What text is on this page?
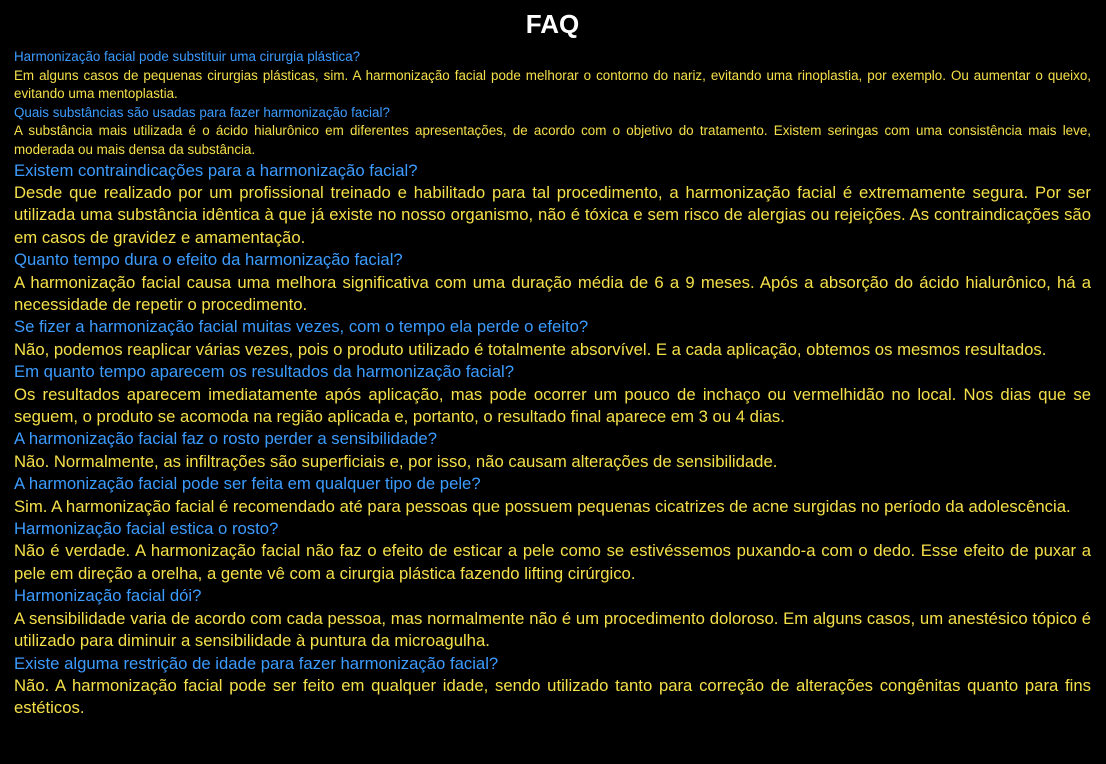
FAQ

Harmonização facial pode substituir uma cirurgia plástica?

Em alguns casos de pequenas cirurgias plásticas, sim. A harmonização facial pode melhorar o contorno do nariz, evitando uma rinoplastia, por exemplo. Ou aumentar o queixo, evitando uma mentoplastia.

Quais substâncias são usadas para fazer harmonização facial?

A substância mais utilizada é o ácido hialurônico em diferentes apresentações, de acordo com o objetivo do tratamento. Existem seringas com uma consistência mais leve, moderada ou mais densa da substância.

Existem contraindicações para a harmonização facial?

Desde que realizado por um profissional treinado e habilitado para tal procedimento, a harmonização facial é extremamente segura. Por ser utilizada uma substância idêntica à que já existe no nosso organismo, não é tóxica e sem risco de alergias ou rejeições. As contraindicações são em casos de gravidez e amamentação.

Quanto tempo dura o efeito da harmonização facial?

A harmonização facial causa uma melhora significativa com uma duração média de 6 a 9 meses. Após a absorção do ácido hialurônico, há a necessidade de repetir o procedimento.

Se fizer a harmonização facial muitas vezes, com o tempo ela perde o efeito?

Não, podemos reaplicar várias vezes, pois o produto utilizado é totalmente absorvível. E a cada aplicação, obtemos os mesmos resultados.

Em quanto tempo aparecem os resultados da harmonização facial?

Os resultados aparecem imediatamente após aplicação, mas pode ocorrer um pouco de inchaço ou vermelhidão no local. Nos dias que se seguem, o produto se acomoda na região aplicada e, portanto, o resultado final aparece em 3 ou 4 dias.

A harmonização facial faz o rosto perder a sensibilidade?

Não. Normalmente, as infiltrações são superficiais e, por isso, não causam alterações de sensibilidade.

A harmonização facial pode ser feita em qualquer tipo de pele?

Sim. A harmonização facial é recomendado até para pessoas que possuem pequenas cicatrizes de acne surgidas no período da adolescência.

Harmonização facial estica o rosto?

Não é verdade. A harmonização facial não faz o efeito de esticar a pele como se estivéssemos puxando-a com o dedo. Esse efeito de puxar a pele em direção a orelha, a gente vê com a cirurgia plástica fazendo lifting cirúrgico.

Harmonização facial dói?

A sensibilidade varia de acordo com cada pessoa, mas normalmente não é um procedimento doloroso. Em alguns casos, um anestésico tópico é utilizado para diminuir a sensibilidade à puntura da microagulha.

Existe alguma restrição de idade para fazer harmonização facial?

Não. A harmonização facial pode ser feito em qualquer idade, sendo utilizado tanto para correção de alterações congênitas quanto para fins estéticos.
